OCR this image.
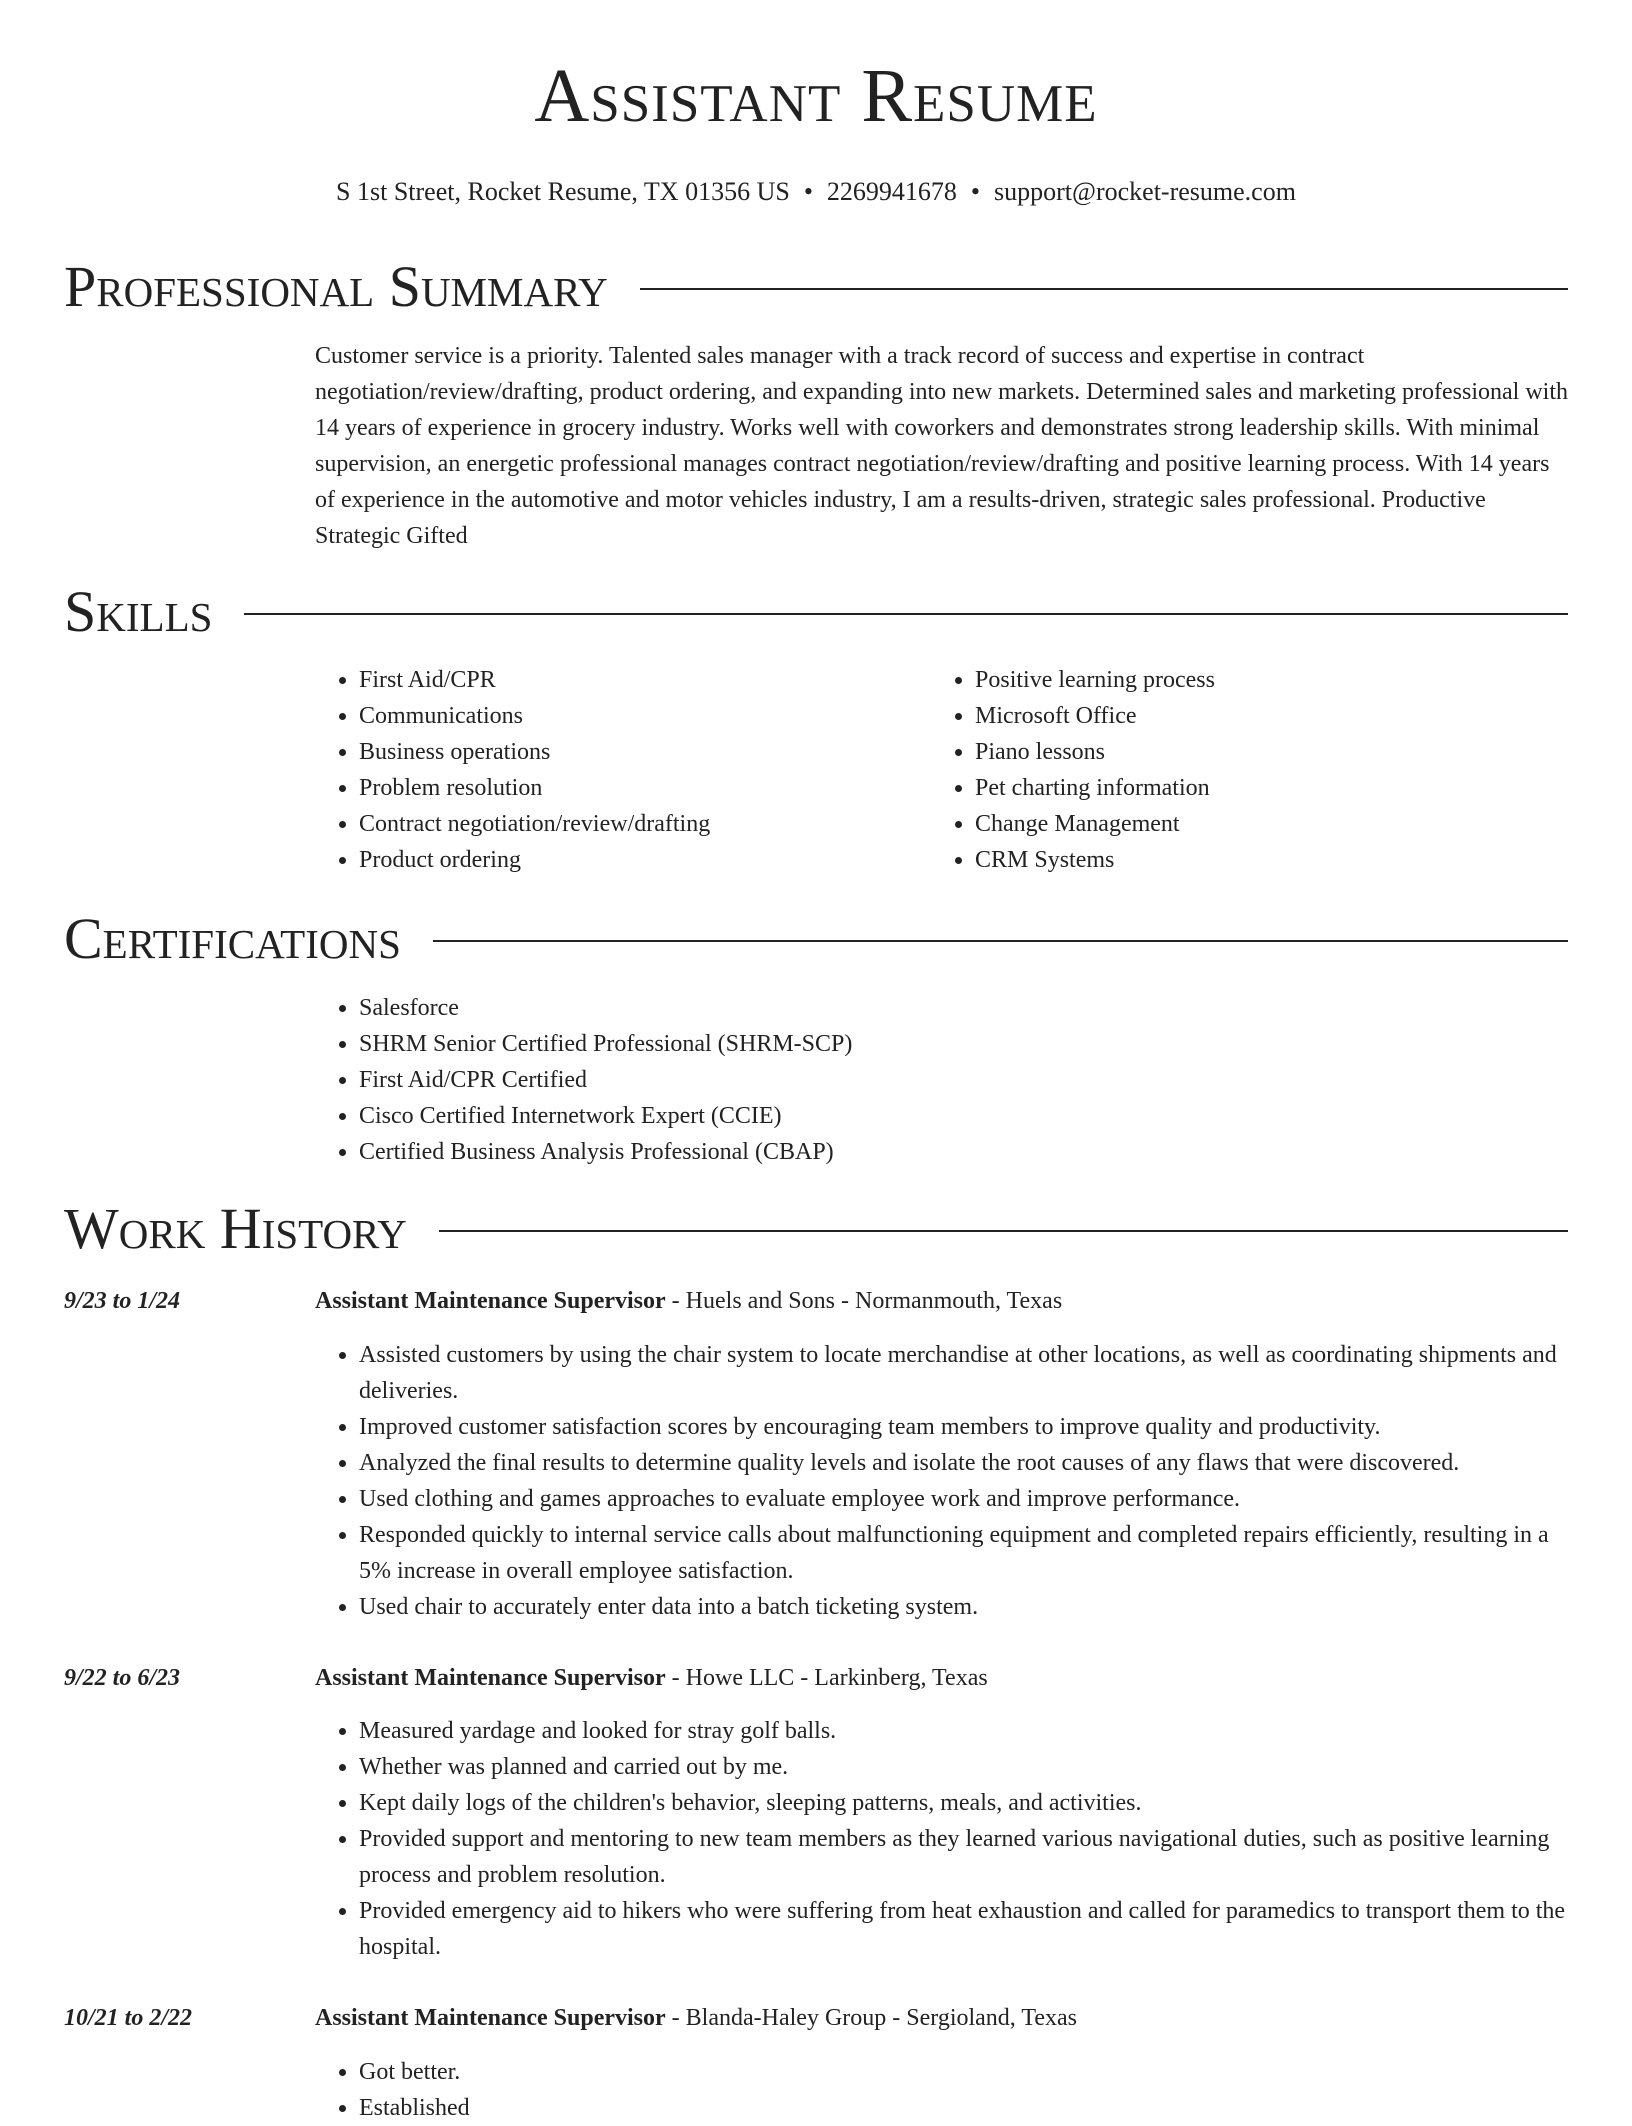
Assistant Resume
S 1st Street, Rocket Resume, TX 01356 US • 2269941678 • support@rocket-resume.com
Professional Summary
Customer service is a priority. Talented sales manager with a track record of success and expertise in contract negotiation/review/drafting, product ordering, and expanding into new markets. Determined sales and marketing professional with 14 years of experience in grocery industry. Works well with coworkers and demonstrates strong leadership skills. With minimal supervision, an energetic professional manages contract negotiation/review/drafting and positive learning process. With 14 years of experience in the automotive and motor vehicles industry, I am a results-driven, strategic sales professional. Productive Strategic Gifted
Skills
• First Aid/CPR
• Communications
• Business operations
• Problem resolution
• Contract negotiation/review/drafting
• Product ordering
• Positive learning process
• Microsoft Office
• Piano lessons
• Pet charting information
• Change Management
• CRM Systems
Certifications
• Salesforce
• SHRM Senior Certified Professional (SHRM-SCP)
• First Aid/CPR Certified
• Cisco Certified Internetwork Expert (CCIE)
• Certified Business Analysis Professional (CBAP)
Work History
9/23 to 1/24	Assistant Maintenance Supervisor - Huels and Sons - Normanmouth, Texas
• Assisted customers by using the chair system to locate merchandise at other locations, as well as coordinating shipments and deliveries.
• Improved customer satisfaction scores by encouraging team members to improve quality and productivity.
• Analyzed the final results to determine quality levels and isolate the root causes of any flaws that were discovered.
• Used clothing and games approaches to evaluate employee work and improve performance.
• Responded quickly to internal service calls about malfunctioning equipment and completed repairs efficiently, resulting in a 5% increase in overall employee satisfaction.
• Used chair to accurately enter data into a batch ticketing system.
9/22 to 6/23	Assistant Maintenance Supervisor - Howe LLC - Larkinberg, Texas
• Measured yardage and looked for stray golf balls.
• Whether was planned and carried out by me.
• Kept daily logs of the children's behavior, sleeping patterns, meals, and activities.
• Provided support and mentoring to new team members as they learned various navigational duties, such as positive learning process and problem resolution.
• Provided emergency aid to hikers who were suffering from heat exhaustion and called for paramedics to transport them to the hospital.
10/21 to 2/22	Assistant Maintenance Supervisor - Blanda-Haley Group - Sergioland, Texas
• Got better.
• Established
